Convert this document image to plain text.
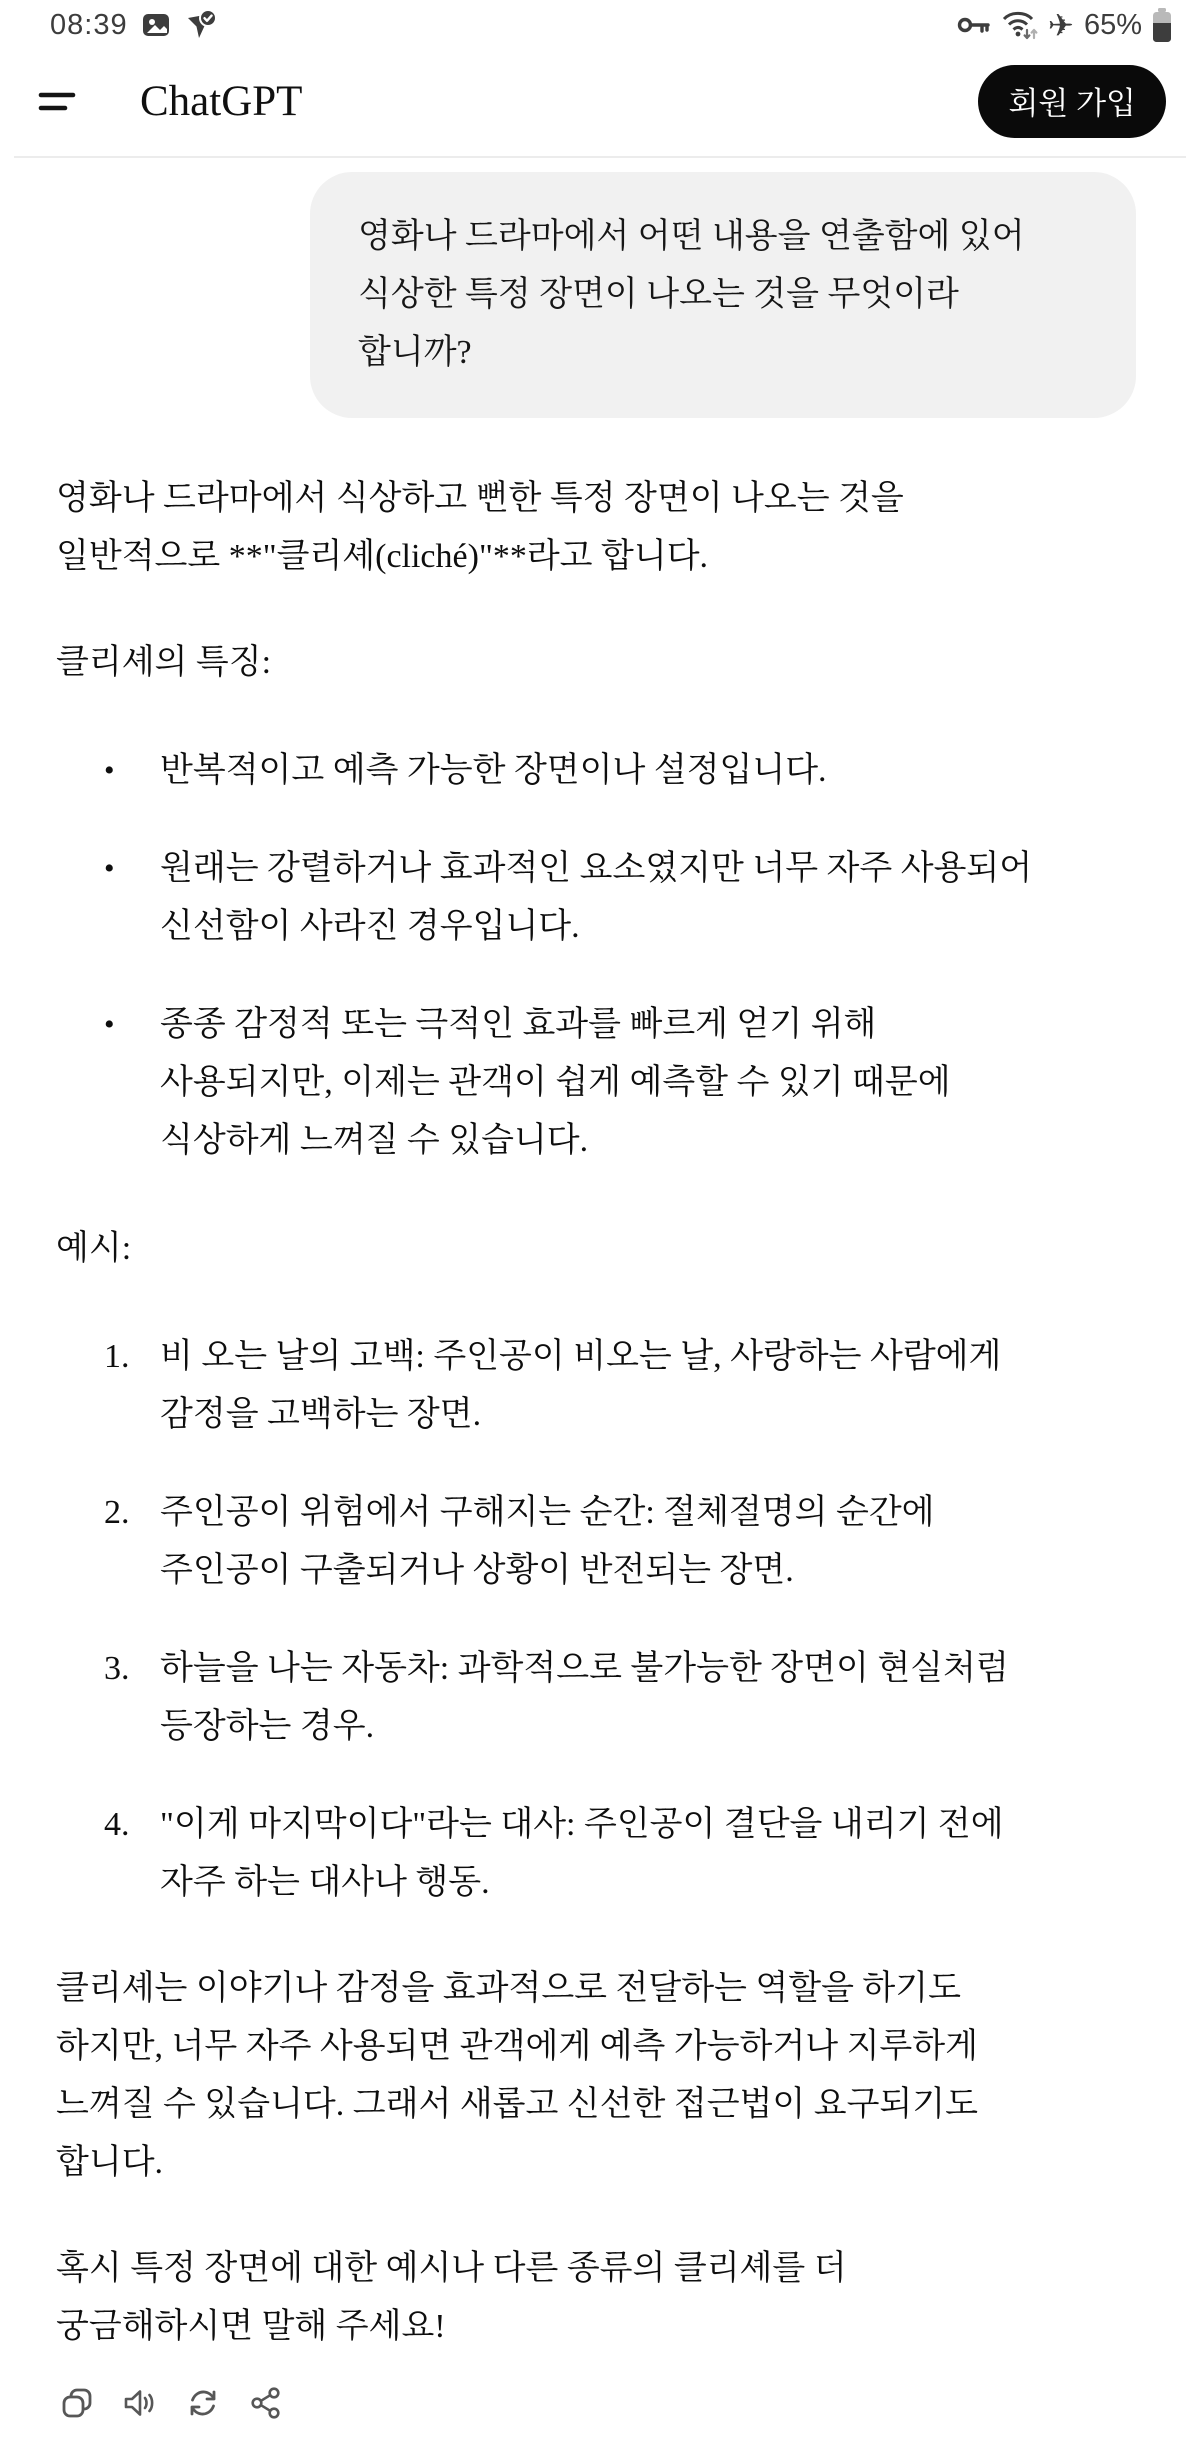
08:39	✈ 65%
ChatGPT	회원 가입
영화나 드라마에서 어떤 내용을 연출함에 있어
식상한 특정 장면이 나오는 것을 무엇이라
합니까?
영화나 드라마에서 식상하고 뻔한 특정 장면이 나오는 것을
일반적으로 **"클리셰(cliché)"**라고 합니다.
클리셰의 특징:
•	반복적이고 예측 가능한 장면이나 설정입니다.
•	원래는 강렬하거나 효과적인 요소였지만 너무 자주 사용되어
신선함이 사라진 경우입니다.
•	종종 감정적 또는 극적인 효과를 빠르게 얻기 위해
사용되지만, 이제는 관객이 쉽게 예측할 수 있기 때문에
식상하게 느껴질 수 있습니다.
예시:
1. 비 오는 날의 고백: 주인공이 비오는 날, 사랑하는 사람에게
감정을 고백하는 장면.
2. 주인공이 위험에서 구해지는 순간: 절체절명의 순간에
주인공이 구출되거나 상황이 반전되는 장면.
3. 하늘을 나는 자동차: 과학적으로 불가능한 장면이 현실처럼
등장하는 경우.
4. "이게 마지막이다"라는 대사: 주인공이 결단을 내리기 전에
자주 하는 대사나 행동.
클리셰는 이야기나 감정을 효과적으로 전달하는 역할을 하기도
하지만, 너무 자주 사용되면 관객에게 예측 가능하거나 지루하게
느껴질 수 있습니다. 그래서 새롭고 신선한 접근법이 요구되기도
합니다.
혹시 특정 장면에 대한 예시나 다른 종류의 클리셰를 더
궁금해하시면 말해 주세요!
